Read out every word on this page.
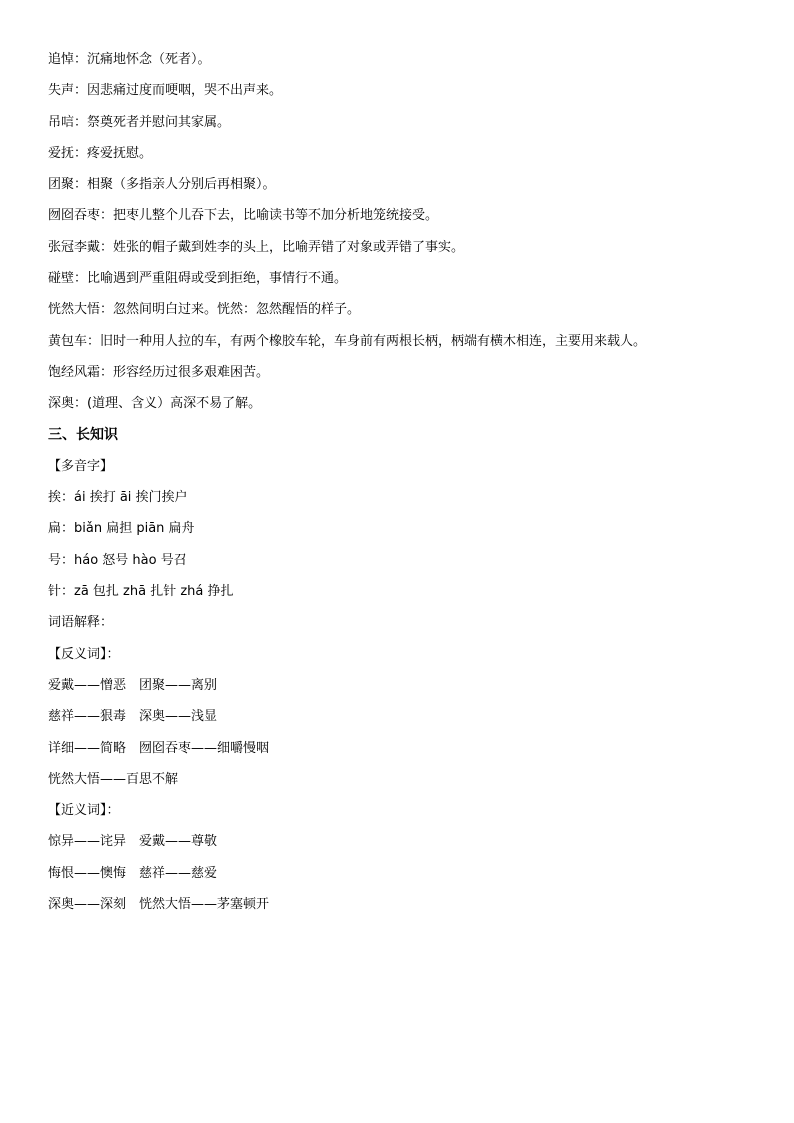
追悼：沉痛地怀念（死者）。
失声：因悲痛过度而哽咽，哭不出声来。
吊唁：祭奠死者并慰问其家属。
爱抚：疼爱抚慰。
团聚：相聚（多指亲人分别后再相聚）。
囫囵吞枣：把枣儿整个儿吞下去，比喻读书等不加分析地笼统接受。
张冠李戴：姓张的帽子戴到姓李的头上，比喻弄错了对象或弄错了事实。
碰壁：比喻遇到严重阻碍或受到拒绝，事情行不通。
恍然大悟：忽然间明白过来。恍然：忽然醒悟的样子。
黄包车：旧时一种用人拉的车，有两个橡胶车轮，车身前有两根长柄，柄端有横木相连，主要用来载人。
饱经风霜：形容经历过很多艰难困苦。
深奥：(道理、含义）高深不易了解。
三、长知识
【多音字】
挨：ái 挨打 āi 挨门挨户
扁：biǎn 扁担 piān 扁舟
号：háo 怒号 hào 号召
针：zā 包扎 zhā 扎针 zhá 挣扎
词语解释：
【反义词】：
爱戴——憎恶　团聚——离别
慈祥——狠毒　深奥——浅显
详细——简略　囫囵吞枣——细嚼慢咽
恍然大悟——百思不解
【近义词】：
惊异——诧异　爱戴——尊敬
悔恨——懊悔　慈祥——慈爱
深奥——深刻　恍然大悟——茅塞顿开
